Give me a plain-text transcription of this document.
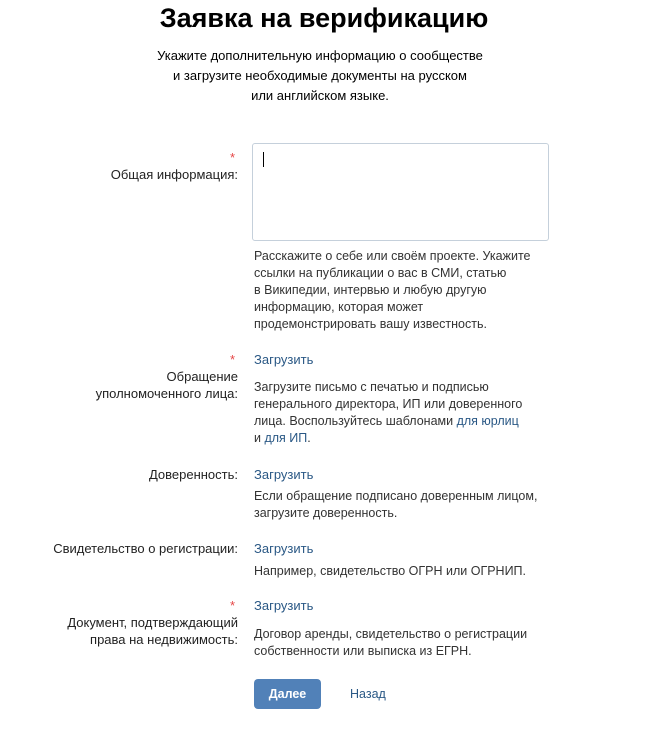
Заявка на верификацию
Укажите дополнительную информацию о сообществе
и загрузите необходимые документы на русском
или английском языке.
*
Общая информация:
Расскажите о себе или своём проекте. Укажите
ссылки на публикации о вас в СМИ, статью
в Википедии, интервью и любую другую
информацию, которая может
продемонстрировать вашу известность.
*
Обращение
уполномоченного лица:
Загрузить
Загрузите письмо с печатью и подписью
генерального директора, ИП или доверенного
лица. Воспользуйтесь шаблонами для юрлиц
и для ИП.
Доверенность: Загрузить
Если обращение подписано доверенным лицом,
загрузите доверенность.
Свидетельство о регистрации: Загрузить
Например, свидетельство ОГРН или ОГРНИП.
*
Документ, подтверждающий
права на недвижимость:
Загрузить
Договор аренды, свидетельство о регистрации
собственности или выписка из ЕГРН.
Далее	Назад
